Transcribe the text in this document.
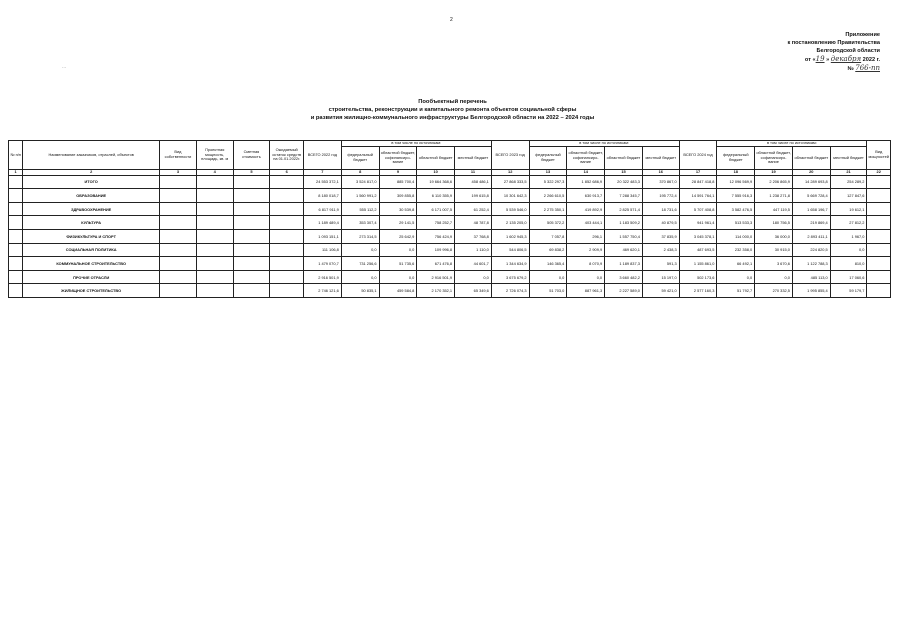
2
Приложение
к постановлению Правительства
Белгородской области
от «19 » декабря 2022 г.
№ 766-пп
...
Пообъектный перечень
строительства, реконструкции и капитального ремонта объектов социальной сферы
и развития жилищно-коммунального инфраструктуры Белгородской области на 2022 – 2024 годы
№ п/п	Наименование заказчиков, отраслей, объектов	Вид собственности	Проектная мощность, площадь, кв. м	Сметная стоимость	Ожидаемый остаток средств на 01.01.2022г.	ВСЕГО 2022 год	в том числе по источникам:				ВСЕГО 2023 год	в том числе по источникам:				ВСЕГО 2024 год	в том числе по источникам:				Вид мощностей
							федеральный бюджет	областной бюджет, софинансиро-вание	областной бюджет	местный бюджет		федеральный бюджет	областной бюджет, софинансиро-вание	областной бюджет	местный бюджет		федеральный бюджет	областной бюджет, софинансиро-вание	областной бюджет	местный бюджет	
1	2	3	4	5	6	7	8	9	10	11	12	13	14	15	16	17	18	19	20	21	22
	ИТОГО					24 553 372,1	3 524 817,0	885 700,4	19 664 368,6	458 486,1	27 868 333,5	5 322 297,3	1 852 686,9	20 322 483,3	370 867,0	28 847 418,8	12 096 569,9	2 206 865,9	14 289 693,8	254 289,2	
	ОБРАЗОВАНИЕ					8 180 018,7	1 560 991,2	309 855,8	6 110 355,9	199 615,8	10 301 642,3	2 266 610,5	630 913,7	7 288 345,7	195 772,4	14 591 764,1	7 555 916,3	1 238 271,8	5 669 728,4	127 847,6	
	ЗДРАВООХРАНЕНИЕ					6 817 911,9	555 112,2	30 539,8	6 171 007,5	61 252,4	5 539 546,0	2 275 350,1	419 892,9	2 825 571,4	18 731,6	5 707 408,8	3 582 476,5	447 119,5	1 658 196,7	19 612,1	
	КУЛЬТУРА					1 189 489,4	353 307,4	29 141,5	758 252,7	48 787,8	2 135 205,0	505 372,2	403 444,1	1 183 509,2	40 879,5	941 961,4	513 533,3	180 756,5	219 869,4	27 812,2	
	ФИЗИКУЛЬТУРА И СПОРТ					1 093 151,1	273 314,5	25 642,9	756 424,9	37 768,8	1 602 945,3	7 057,8	296,1	1 557 750,4	37 835,9	3 045 378,1	114 000,0	36 000,0	2 893 411,1	1 967,0	
	СОЦИАЛЬНАЯ ПОЛИТИКА					111 106,8	0,0	0,0	109 996,8	1 110,0	544 806,5	69 838,2	2 909,9	469 620,1	2 438,3	487 693,5	232 358,0	30 915,0	224 820,5	0,0	
	КОММУНАЛЬНОЕ СТРОИТЕЛЬСТВО					1 479 070,7	731 256,6	51 735,6	671 476,8	44 601,7	1 344 634,9	146 365,4	8 070,9	1 189 837,3	591,3	1 155 861,0	66 492,1	3 670,6	1 122 788,3	810,0	
	ПРОЧИЕ ОТРАСЛИ					2 916 501,9	0,0	0,0	2 916 501,9	0,0	3 675 679,2	0,0	0,0	3 660 482,2	15 197,0	502 173,6	0,0	0,0	485 113,0	17 060,6	
	ЖИЛИЩНОЕ СТРОИТЕЛЬСТВО					2 746 121,6	50 835,1	459 584,8	2 170 352,1	65 349,6	2 726 074,3	51 703,0	887 961,3	2 227 589,0	59 421,0	2 577 160,3	51 792,7	270 332,5	1 995 855,4	59 179,7	
